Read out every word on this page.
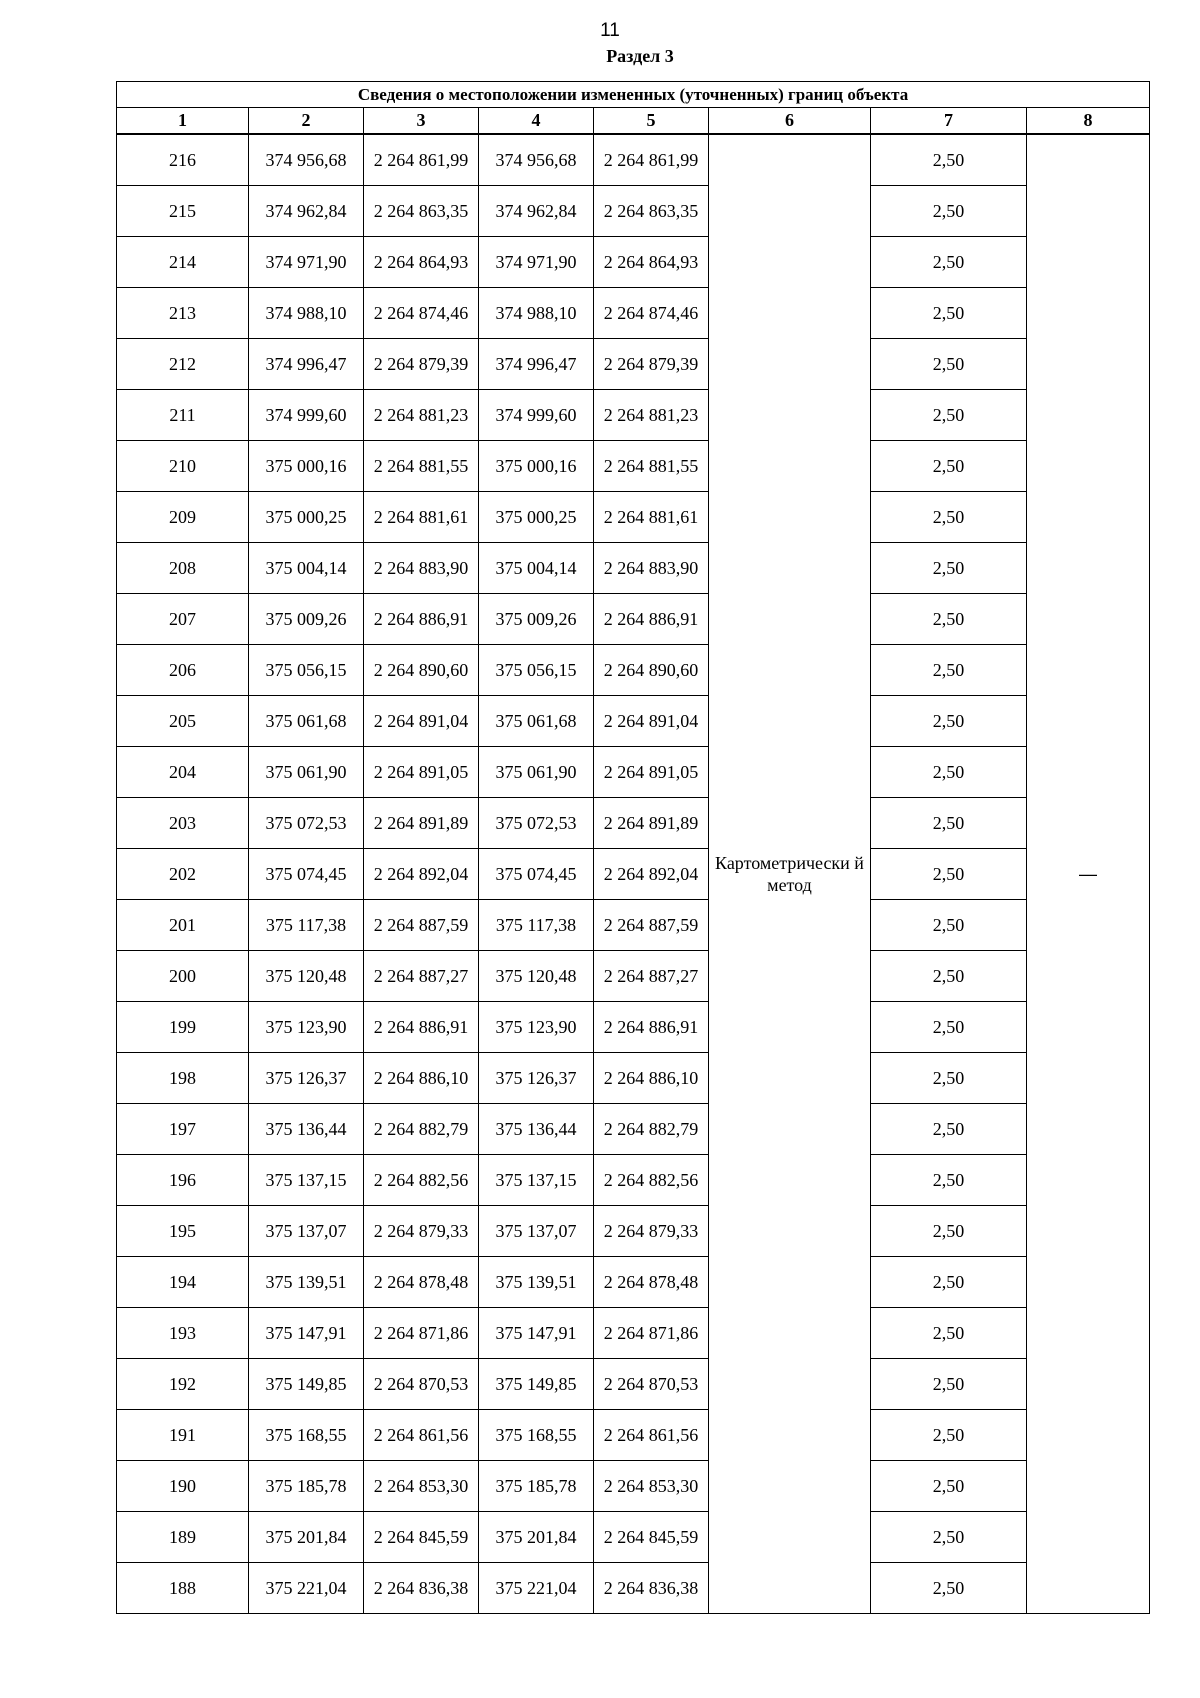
11
Раздел 3
Сведения о местоположении измененных (уточненных) границ объекта							
1	2	3	4	5	6	7	8
216	374 956,68	2 264 861,99	374 956,68	2 264 861,99	Картометрически й метод	2,50	—
215	374 962,84	2 264 863,35	374 962,84	2 264 863,35		2,50	
214	374 971,90	2 264 864,93	374 971,90	2 264 864,93		2,50	
213	374 988,10	2 264 874,46	374 988,10	2 264 874,46		2,50	
212	374 996,47	2 264 879,39	374 996,47	2 264 879,39		2,50	
211	374 999,60	2 264 881,23	374 999,60	2 264 881,23		2,50	
210	375 000,16	2 264 881,55	375 000,16	2 264 881,55		2,50	
209	375 000,25	2 264 881,61	375 000,25	2 264 881,61		2,50	
208	375 004,14	2 264 883,90	375 004,14	2 264 883,90		2,50	
207	375 009,26	2 264 886,91	375 009,26	2 264 886,91		2,50	
206	375 056,15	2 264 890,60	375 056,15	2 264 890,60		2,50	
205	375 061,68	2 264 891,04	375 061,68	2 264 891,04		2,50	
204	375 061,90	2 264 891,05	375 061,90	2 264 891,05		2,50	
203	375 072,53	2 264 891,89	375 072,53	2 264 891,89		2,50	
202	375 074,45	2 264 892,04	375 074,45	2 264 892,04		2,50	
201	375 117,38	2 264 887,59	375 117,38	2 264 887,59		2,50	
200	375 120,48	2 264 887,27	375 120,48	2 264 887,27		2,50	
199	375 123,90	2 264 886,91	375 123,90	2 264 886,91		2,50	
198	375 126,37	2 264 886,10	375 126,37	2 264 886,10		2,50	
197	375 136,44	2 264 882,79	375 136,44	2 264 882,79		2,50	
196	375 137,15	2 264 882,56	375 137,15	2 264 882,56		2,50	
195	375 137,07	2 264 879,33	375 137,07	2 264 879,33		2,50	
194	375 139,51	2 264 878,48	375 139,51	2 264 878,48		2,50	
193	375 147,91	2 264 871,86	375 147,91	2 264 871,86		2,50	
192	375 149,85	2 264 870,53	375 149,85	2 264 870,53		2,50	
191	375 168,55	2 264 861,56	375 168,55	2 264 861,56		2,50	
190	375 185,78	2 264 853,30	375 185,78	2 264 853,30		2,50	
189	375 201,84	2 264 845,59	375 201,84	2 264 845,59		2,50	
188	375 221,04	2 264 836,38	375 221,04	2 264 836,38		2,50	
